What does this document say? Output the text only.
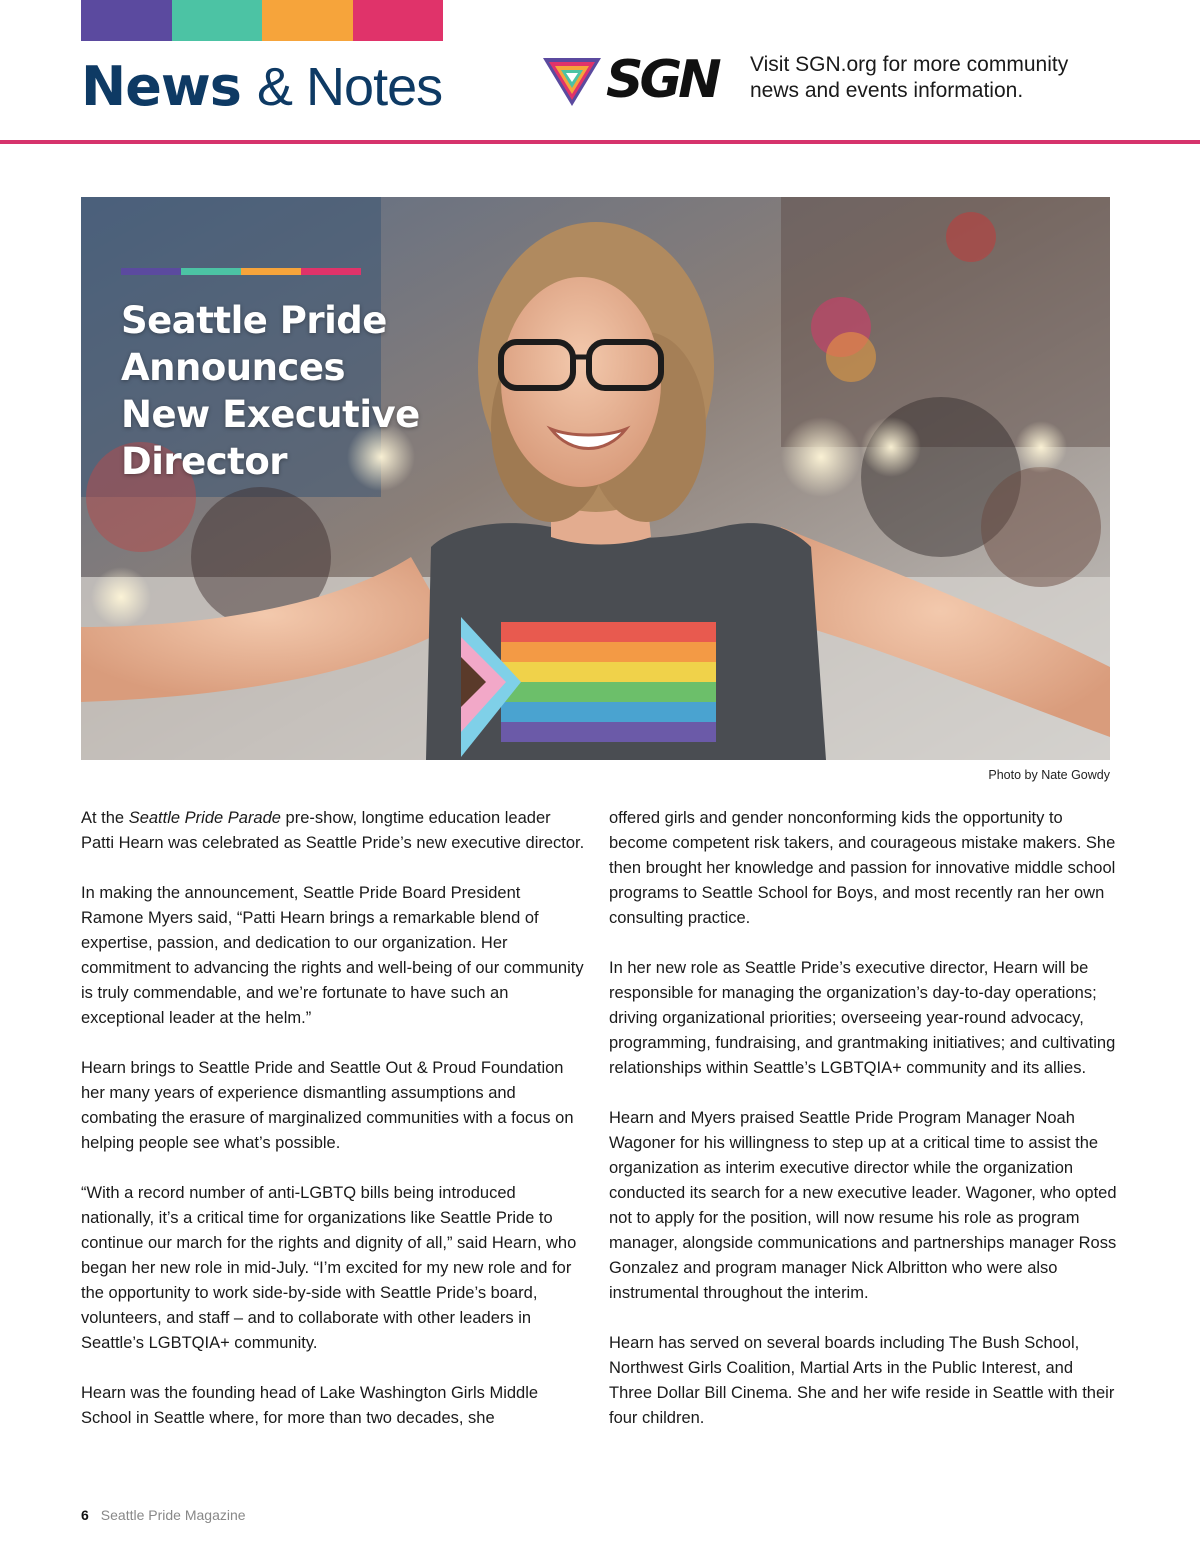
News & Notes	SGN Visit SGN.org for more community news and events information.
Seattle Pride
Announces
New Executive
Director
Photo by Nate Gowdy

At the Seattle Pride Parade pre-show, longtime education leader Patti Hearn was celebrated as Seattle Pride’s new executive director.

In making the announcement, Seattle Pride Board President Ramone Myers said, “Patti Hearn brings a remarkable blend of expertise, passion, and dedication to our organization. Her commitment to advancing the rights and well-being of our community is truly commendable, and we’re fortunate to have such an exceptional leader at the helm.”

Hearn brings to Seattle Pride and Seattle Out & Proud Foundation her many years of experience dismantling assumptions and combating the erasure of marginalized communities with a focus on helping people see what’s possible.

“With a record number of anti-LGBTQ bills being introduced nationally, it’s a critical time for organizations like Seattle Pride to continue our march for the rights and dignity of all,” said Hearn, who began her new role in mid-July. “I’m excited for my new role and for the opportunity to work side-by-side with Seattle Pride’s board, volunteers, and staff – and to collaborate with other leaders in Seattle’s LGBTQIA+ community.

Hearn was the founding head of Lake Washington Girls Middle School in Seattle where, for more than two decades, she

offered girls and gender nonconforming kids the opportunity to become competent risk takers, and courageous mistake makers. She then brought her knowledge and passion for innovative middle school programs to Seattle School for Boys, and most recently ran her own consulting practice.

In her new role as Seattle Pride’s executive director, Hearn will be responsible for managing the organization’s day-to-day operations; driving organizational priorities; overseeing year-round advocacy, programming, fundraising, and grantmaking initiatives; and cultivating relationships within Seattle’s LGBTQIA+ community and its allies.

Hearn and Myers praised Seattle Pride Program Manager Noah Wagoner for his willingness to step up at a critical time to assist the organization as interim executive director while the organization conducted its search for a new executive leader. Wagoner, who opted not to apply for the position, will now resume his role as program manager, alongside communications and partnerships manager Ross Gonzalez and program manager Nick Albritton who were also instrumental throughout the interim.

Hearn has served on several boards including The Bush School, Northwest Girls Coalition, Martial Arts in the Public Interest, and Three Dollar Bill Cinema. She and her wife reside in Seattle with their four children.

6 Seattle Pride Magazine
